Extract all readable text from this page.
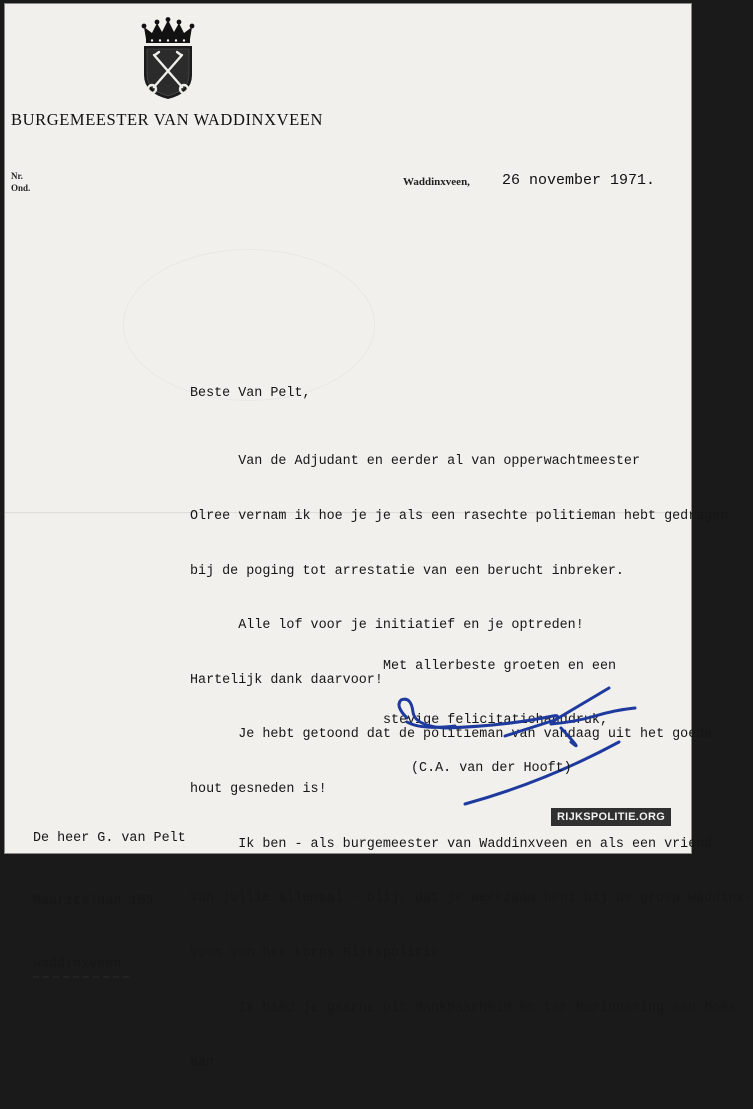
BURGEMEESTER VAN WADDINXVEEN
Nr.
Ond.	Waddinxveen, 26 november 1971.
Beste Van Pelt,

Van de Adjudant en eerder al van opperwachtmeester

Olree vernam ik hoe je je als een rasechte politieman hebt gedragen

bij de poging tot arrestatie van een berucht inbreker.

Alle lof voor je initiatief en je optreden!

Hartelijk dank daarvoor!

Je hebt getoond dat de politieman van vandaag uit het goede

hout gesneden is!

Ik ben - als burgemeester van Waddinxveen en als een vriend

van jullie allemaal - blij, dat je werkzaam bent bij de groep Waddinx-

veen van het korps Rijkspolitie.

Ik bied je gaarne uit dankbaarheid en ter herinnering een boek

aan.

Met allerbeste groeten en een

stevige felicitatiehanddruk,

(C.A. van der Hooft)

De heer G. van Pelt

Mauritslaan 103

Waddinxveen.

RIJKSPOLITIE.ORG
